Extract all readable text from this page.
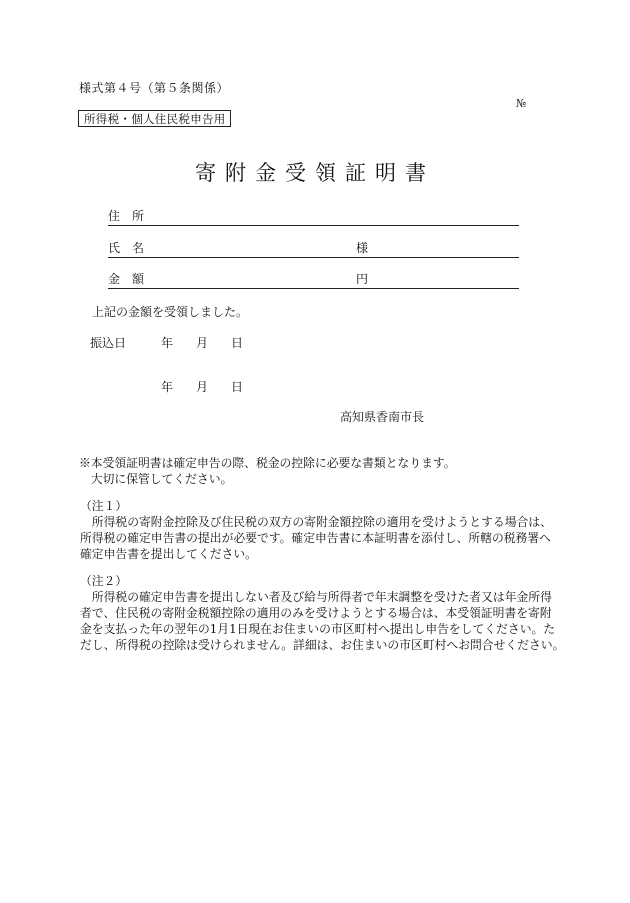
様式第４号（第５条関係）
№
所得税・個人住民税申告用
寄附金受領証明書
住所
氏名	様
金額	円
上記の金額を受領しました。
振込日	年 月 日
年 月 日
高知県香南市長

※本受領証明書は確定申告の際、税金の控除に必要な書類となります。

　大切に保管してください。

（注１）

　所得税の寄附金控除及び住民税の双方の寄附金額控除の適用を受けようとする場合は、

所得税の確定申告書の提出が必要です。確定申告書に本証明書を添付し、所轄の税務署へ

確定申告書を提出してください。

（注２）

　所得税の確定申告書を提出しない者及び給与所得者で年末調整を受けた者又は年金所得

者で、住民税の寄附金税額控除の適用のみを受けようとする場合は、本受領証明書を寄附

金を支払った年の翌年の1月1日現在お住まいの市区町村へ提出し申告をしてください。た

だし、所得税の控除は受けられません。詳細は、お住まいの市区町村へお問合せください。
